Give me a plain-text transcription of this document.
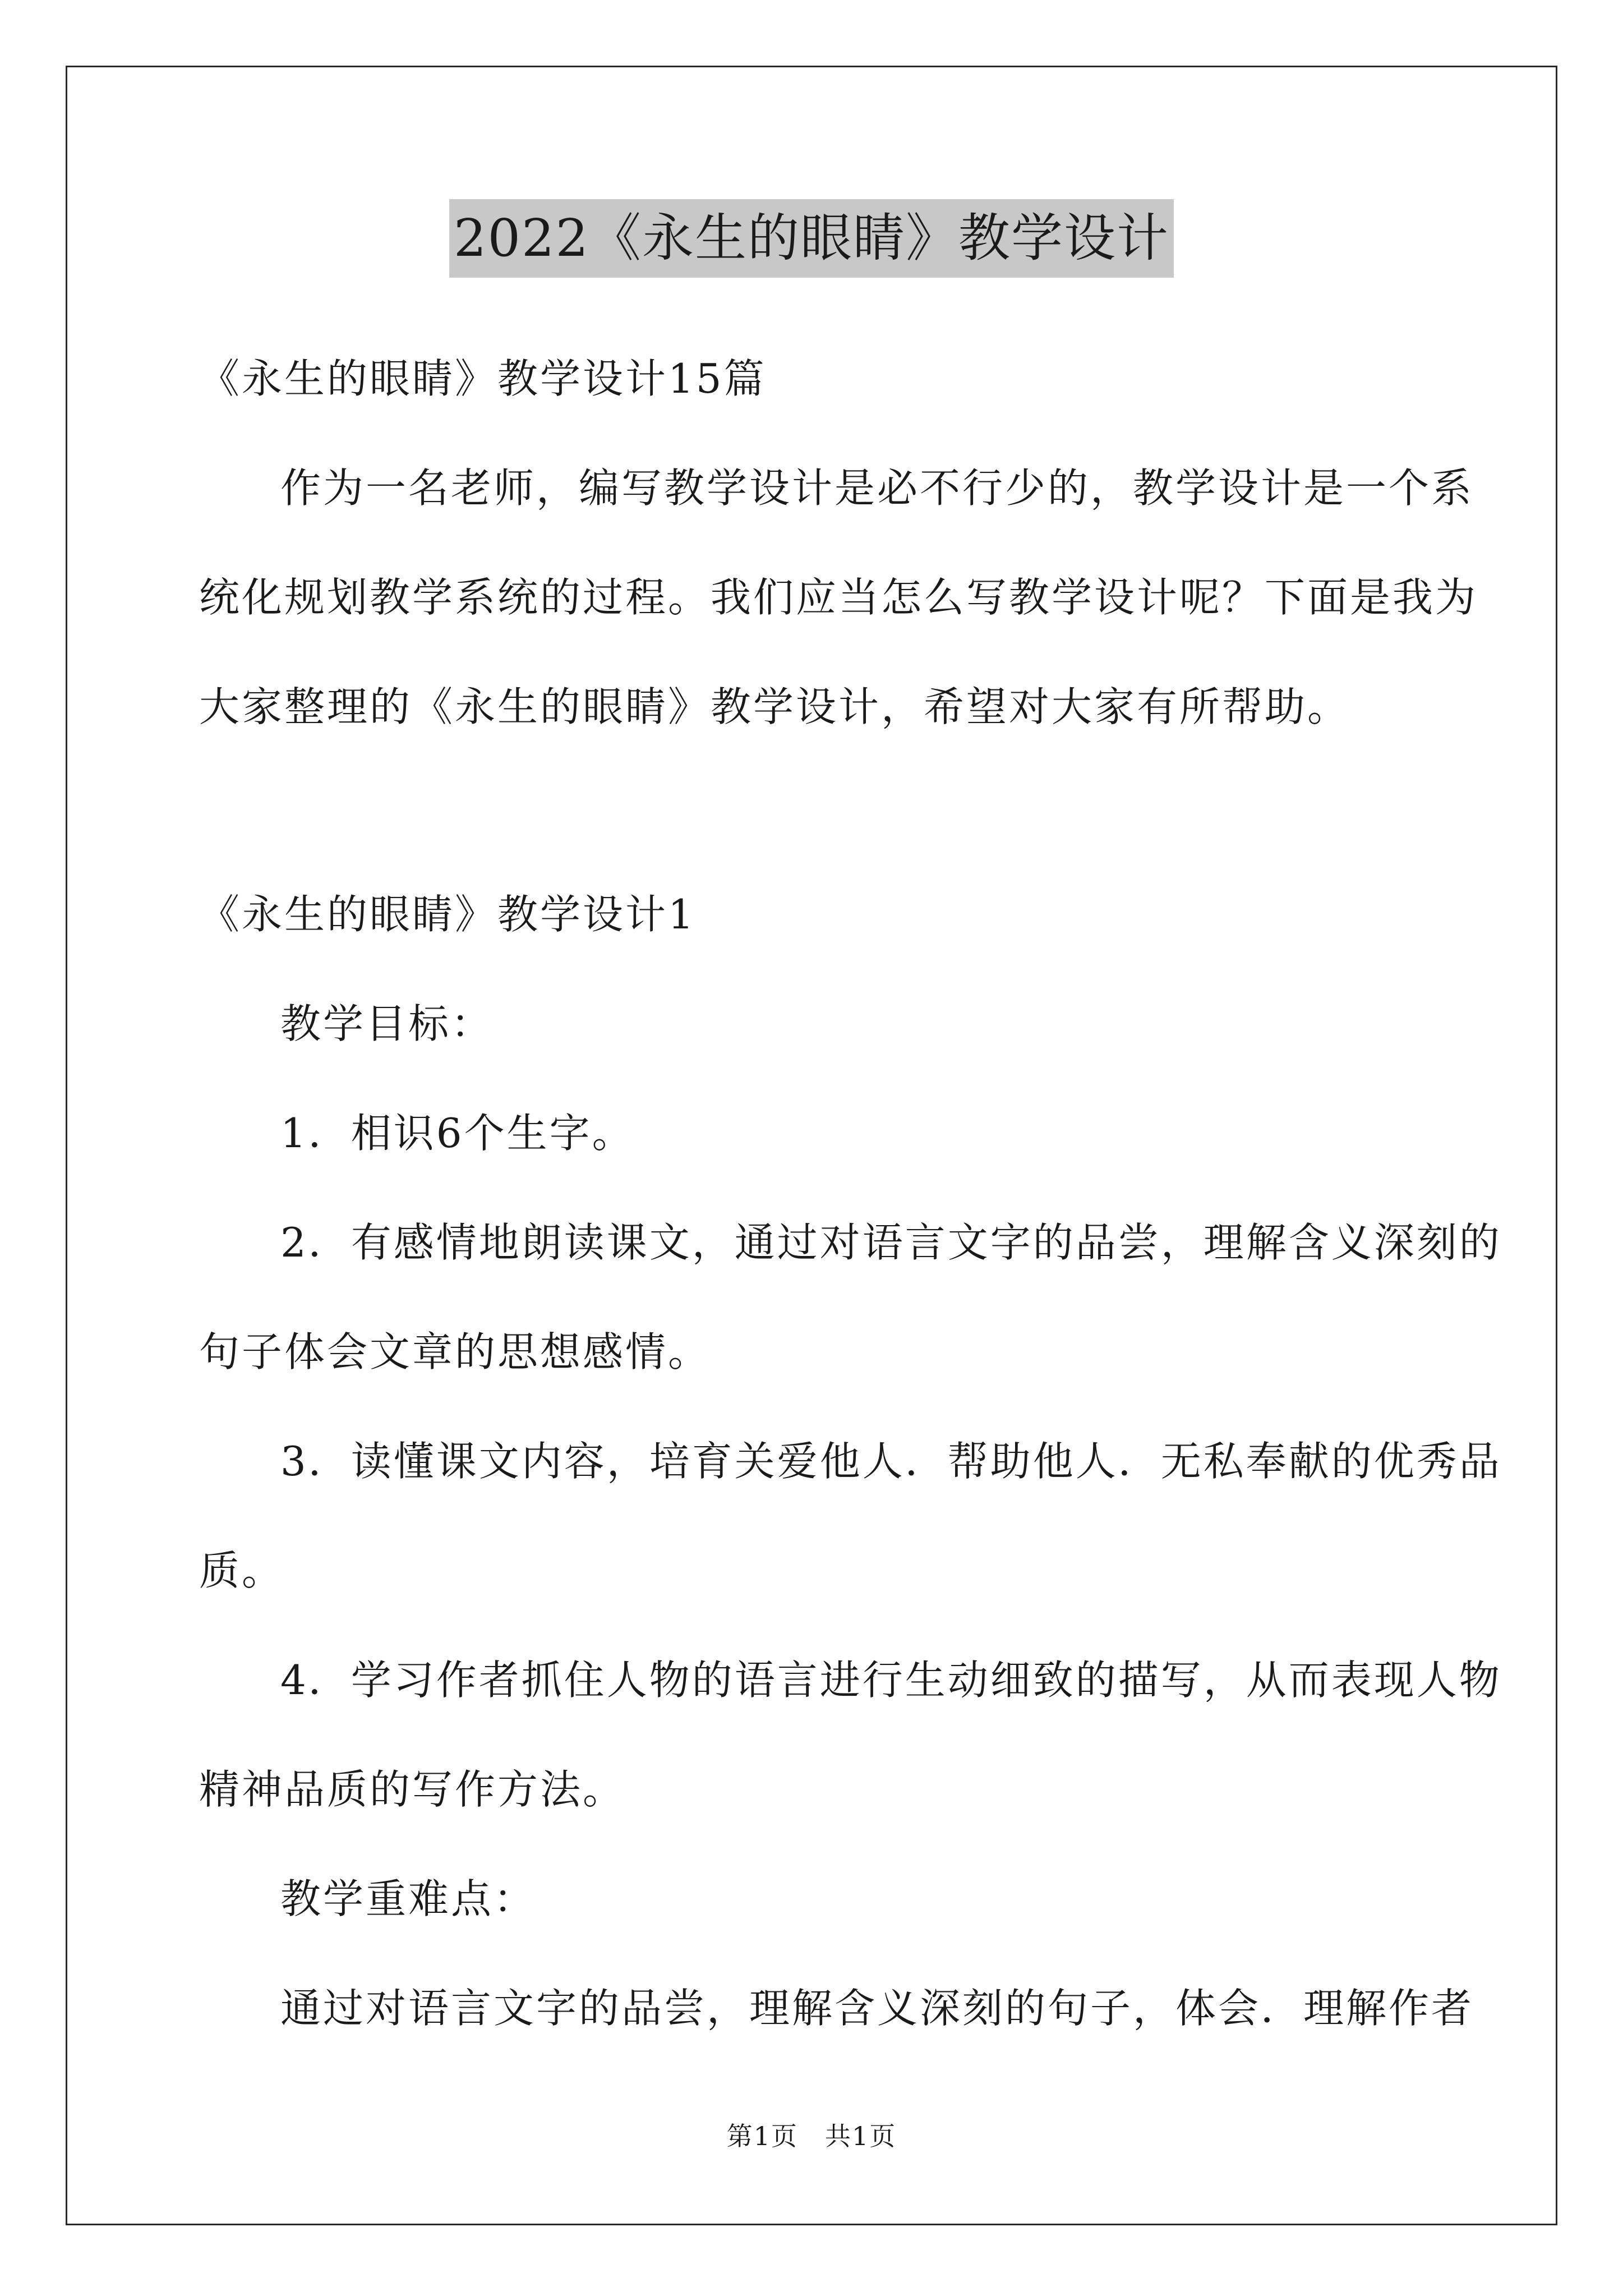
2022《永生的眼睛》教学设计
《永生的眼睛》教学设计15篇
作为一名老师，编写教学设计是必不行少的，教学设计是一个系
统化规划教学系统的过程。我们应当怎么写教学设计呢？下面是我为
大家整理的《永生的眼睛》教学设计，希望对大家有所帮助。
《永生的眼睛》教学设计1
教学目标：
1．相识6个生字。
2．有感情地朗读课文，通过对语言文字的品尝，理解含义深刻的
句子体会文章的思想感情。
3．读懂课文内容，培育关爱他人．帮助他人．无私奉献的优秀品
质。
4．学习作者抓住人物的语言进行生动细致的描写，从而表现人物
精神品质的写作方法。
教学重难点：
通过对语言文字的品尝，理解含义深刻的句子，体会．理解作者
第1页　共1页
